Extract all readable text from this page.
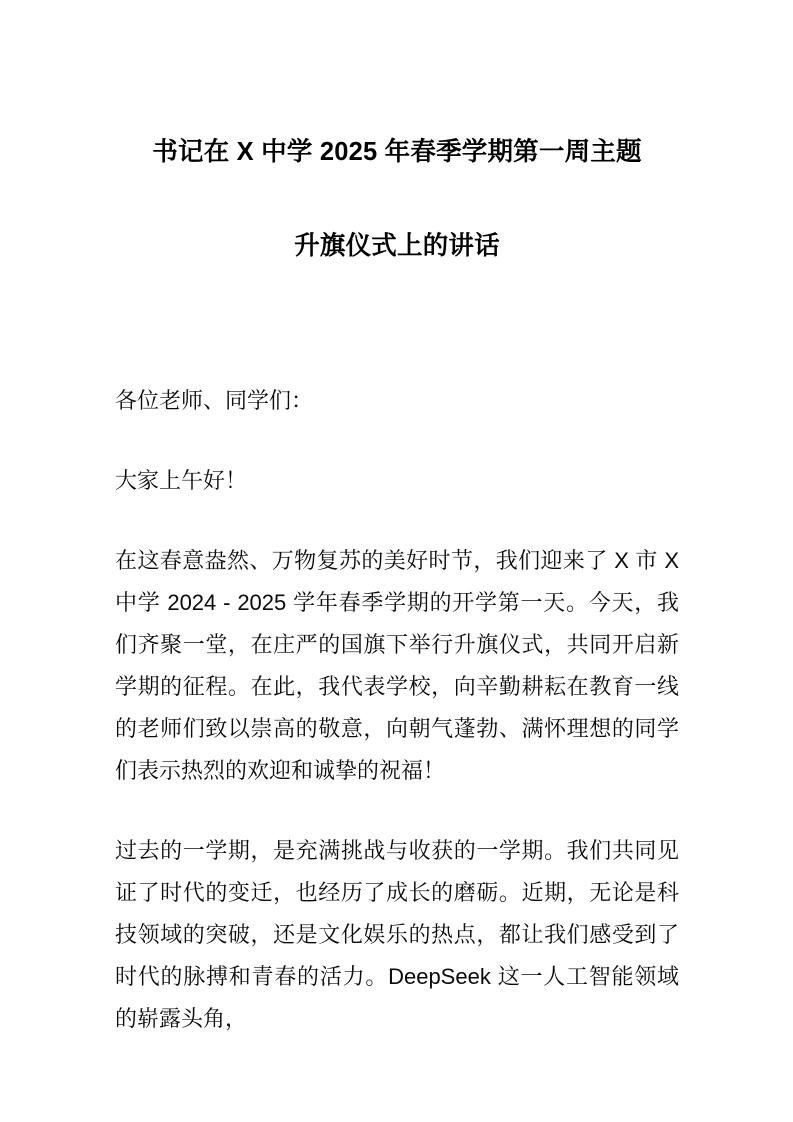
书记在 X 中学 2025 年春季学期第一周主题
升旗仪式上的讲话

各位老师、同学们：

大家上午好！

在这春意盎然、万物复苏的美好时节，我们迎来了 X 市 X 中学 2024 - 2025 学年春季学期的开学第一天。今天，我们齐聚一堂，在庄严的国旗下举行升旗仪式，共同开启新学期的征程。在此，我代表学校，向辛勤耕耘在教育一线的老师们致以崇高的敬意，向朝气蓬勃、满怀理想的同学们表示热烈的欢迎和诚挚的祝福！

过去的一学期，是充满挑战与收获的一学期。我们共同见证了时代的变迁，也经历了成长的磨砺。近期，无论是科技领域的突破，还是文化娱乐的热点，都让我们感受到了时代的脉搏和青春的活力。DeepSeek 这一人工智能领域的崭露头角，
